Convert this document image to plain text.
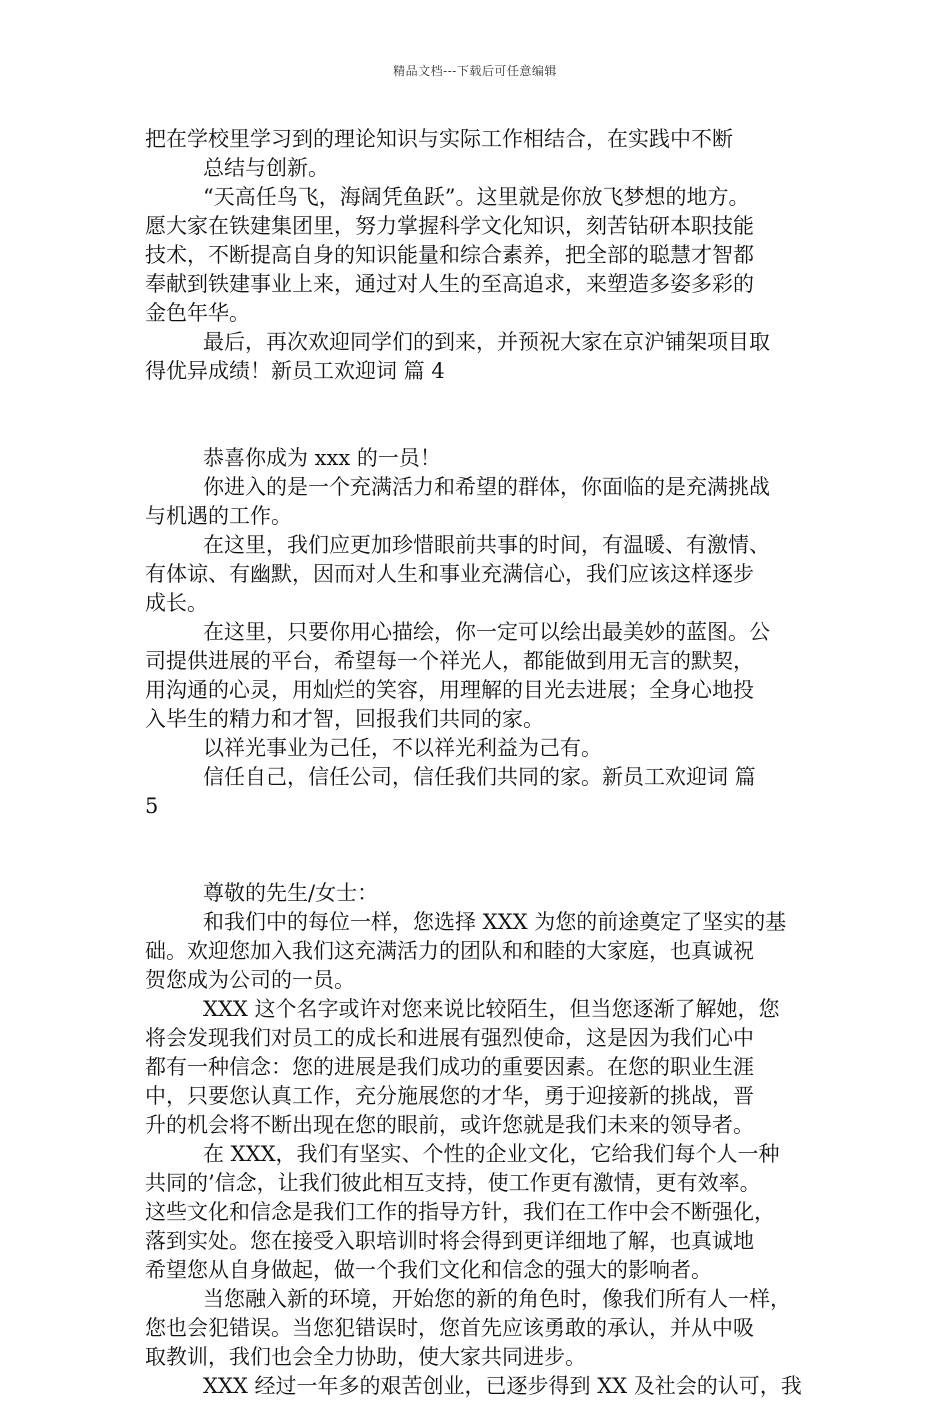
精品文档---下载后可任意编辑
把在学校里学习到的理论知识与实际工作相结合，在实践中不断
总结与创新。
“天高任鸟飞，海阔凭鱼跃”。这里就是你放飞梦想的地方。
愿大家在铁建集团里，努力掌握科学文化知识，刻苦钻研本职技能
技术，不断提高自身的知识能量和综合素养，把全部的聪慧才智都
奉献到铁建事业上来，通过对人生的至高追求，来塑造多姿多彩的
金色年华。
最后，再次欢迎同学们的到来，并预祝大家在京沪铺架项目取
得优异成绩！新员工欢迎词 篇 4
恭喜你成为 xxx 的一员！
你进入的是一个充满活力和希望的群体，你面临的是充满挑战
与机遇的工作。
在这里，我们应更加珍惜眼前共事的时间，有温暖、有激情、
有体谅、有幽默，因而对人生和事业充满信心，我们应该这样逐步
成长。
在这里，只要你用心描绘，你一定可以绘出最美妙的蓝图。公
司提供进展的平台，希望每一个祥光人，都能做到用无言的默契，
用沟通的心灵，用灿烂的笑容，用理解的目光去进展；全身心地投
入毕生的精力和才智，回报我们共同的家。
以祥光事业为己任，不以祥光利益为己有。
信任自己，信任公司，信任我们共同的家。新员工欢迎词 篇
5
尊敬的先生/女士：
和我们中的每位一样，您选择 XXX 为您的前途奠定了坚实的基
础。欢迎您加入我们这充满活力的团队和和睦的大家庭，也真诚祝
贺您成为公司的一员。
XXX 这个名字或许对您来说比较陌生，但当您逐渐了解她，您
将会发现我们对员工的成长和进展有强烈使命，这是因为我们心中
都有一种信念：您的进展是我们成功的重要因素。在您的职业生涯
中，只要您认真工作，充分施展您的才华，勇于迎接新的挑战，晋
升的机会将不断出现在您的眼前，或许您就是我们未来的领导者。
在 XXX，我们有坚实、个性的企业文化，它给我们每个人一种
共同的’信念，让我们彼此相互支持，使工作更有激情，更有效率。
这些文化和信念是我们工作的指导方针，我们在工作中会不断强化，
落到实处。您在接受入职培训时将会得到更详细地了解，也真诚地
希望您从自身做起，做一个我们文化和信念的强大的影响者。
当您融入新的环境，开始您的新的角色时，像我们所有人一样，
您也会犯错误。当您犯错误时，您首先应该勇敢的承认，并从中吸
取教训，我们也会全力协助，使大家共同进步。
XXX 经过一年多的艰苦创业，已逐步得到 XX 及社会的认可，我
